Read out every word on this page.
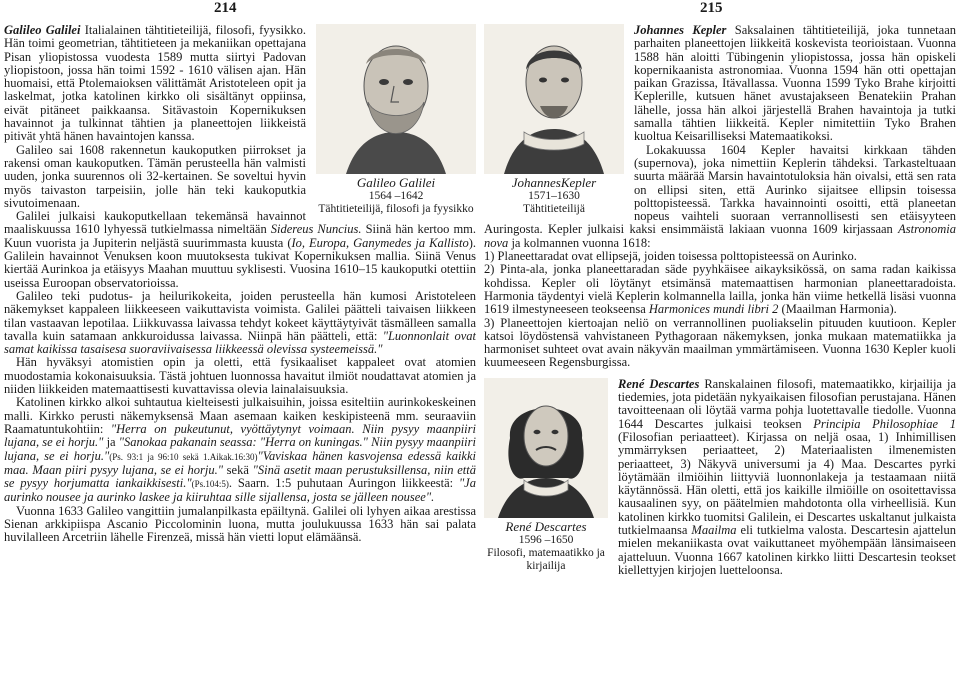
214	215
Galileo Galilei
1564 –1642
Tähtitieteilijä, filosofi ja fyysikko

Galileo Galilei Italialainen tähtitieteilijä, filosofi, fyysikko. Hän toimi geometrian, tähtitieteen ja mekaniikan opettajana Pisan yliopistossa vuodesta 1589 mutta siirtyi Padovan yliopistoon, jossa hän toimi 1592 - 1610 välisen ajan. Hän huomaisi, että Ptolemaioksen välittämät Aristoteleen opit ja laskelmat, jotka katolinen kirkko oli sisältänyt oppiinsa, eivät pitäneet paikkaansa. Sitävastoin Kopernikuksen havainnot ja tulkinnat tähtien ja planeettojen liikkeistä pitivät yhtä hänen havaintojen kanssa.

Galileo sai 1608 rakennetun kaukoputken piirrokset ja rakensi oman kaukoputken. Tämän perusteella hän valmisti uuden, jonka suurennos oli 32-kertainen. Se soveltui hyvin myös taivaston tarpeisiin, jolle hän teki kaukoputkia sivutoimenaan.

Galilei julkaisi kaukoputkellaan tekemänsä havainnot maaliskuussa 1610 lyhyessä tutkielmassa nimeltään Sidereus Nuncius. Siinä hän kertoo mm. Kuun vuorista ja Jupiterin neljästä suurimmasta kuusta (Io, Europa, Ganymedes ja Kallisto). Galilein havainnot Venuksen koon muutoksesta tukivat Kopernikuksen mallia. Siinä Venus kiertää Aurinkoa ja etäisyys Maahan muuttuu syklisesti. Vuosina 1610–15 kaukoputki otettiin useissa Euroopan observatorioissa.

Galileo teki pudotus- ja heilurikokeita, joiden perusteella hän kumosi Aristoteleen näkemykset kappaleen liikkeeseen vaikuttavista voimista. Galilei päätteli taivaisen liikkeen tilan vastaavan lepotilaa. Liikkuvassa laivassa tehdyt kokeet käyttäytyivät täsmälleen samalla tavalla kuin satamaan ankkuroidussa laivassa. Niinpä hän päätteli, että: "Luonnonlait ovat samat kaikissa tasaisesa suoraviivaisessa liikkeessä olevissa systeemeissä."

Hän hyväksyi atomistien opin ja oletti, että fysikaaliset kappaleet ovat atomien muodostamia kokonaisuuksia. Tästä johtuen luonnossa havaitut ilmiöt noudattavat atomien ja niiden liikkeiden matemaattisesti kuvattavissa olevia lainalaisuuksia.

Katolinen kirkko alkoi suhtautua kielteisesti julkaisuihin, joissa esiteltiin aurinkokeskeinen malli. Kirkko perusti näkemyksensä Maan asemaan kaiken keskipisteenä mm. seuraaviin Raamatuntukohtiin: "Herra on pukeutunut, vyöttäytynyt voimaan. Niin pysyy maanpiiri lujana, se ei horju." ja "Sanokaa pakanain seassa: "Herra on kuningas." Niin pysyy maanpiiri lujana, se ei horju."(Ps. 93:1 ja 96:10 sekä 1.Aikak.16:30)"Vaviskaa hänen kasvojensa edessä kaikki maa. Maan piiri pysyy lujana, se ei horju." sekä "Sinä asetit maan perustuksillensa, niin että se pysyy horjumatta iankaikkisesti."(Ps.104:5). Saarn. 1:5 puhutaan Auringon liikkeestä: "Ja aurinko nousee ja aurinko laskee ja kiiruhtaa sille sijallensa, josta se jälleen nousee".

Vuonna 1633 Galileo vangittiin jumalanpilkasta epäiltynä. Galilei oli lyhyen aikaa arestissa Sienan arkkipiispa Ascanio Piccolominin luona, mutta joulukuussa 1633 hän sai palata huvilalleen Arcetriin lähelle Firenzeä, missä hän vietti loput elämäänsä.

JohannesKepler
1571–1630
Tähtitieteilijä

Johannes Kepler Saksalainen tähtitieteilijä, joka tunnetaan parhaiten planeettojen liikkeitä koskevista teorioistaan. Vuonna 1588 hän aloitti Tübingenin yliopistossa, jossa hän opiskeli kopernikaanista astronomiaa. Vuonna 1594 hän otti opettajan paikan Grazissa, Itävallassa. Vuonna 1599 Tyko Brahe kirjoitti Keplerille, kutsuen hänet avustajakseen Benatekiin Prahan lähelle, jossa hän alkoi järjestellä Brahen havaintoja ja tutki samalla tähtien liikkeitä. Kepler nimitettiin Tyko Brahen kuoltua Keisarilliseksi Matemaatikoksi.

Lokakuussa 1604 Kepler havaitsi kirkkaan tähden (supernova), joka nimettiin Keplerin tähdeksi. Tarkasteltuaan suurta määrää Marsin havaintotuloksia hän oivalsi, että sen rata on ellipsi siten, että Aurinko sijaitsee ellipsin toisessa polttopisteessä. Tarkka havainnointi osoitti, että planeetan nopeus vaihteli suoraan verrannollisesti sen etäisyyteen Auringosta. Kepler julkaisi kaksi ensimmäistä lakiaan vuonna 1609 kirjassaan Astronomia nova ja kolmannen vuonna 1618:

1) Planeettaradat ovat ellipsejä, joiden toisessa polttopisteessä on Aurinko.

2) Pinta-ala, jonka planeettaradan säde pyyhkäisee aikayksikössä, on sama radan kaikissa kohdissa. Kepler oli löytänyt etsimänsä matemaattisen harmonian planeettaradoista. Harmonia täydentyi vielä Keplerin kolmannella lailla, jonka hän viime hetkellä lisäsi vuonna 1619 ilmestyneeseen teokseensa Harmonices mundi libri 2 (Maailman Harmonia).

3) Planeettojen kiertoajan neliö on verrannollinen puoliakselin pituuden kuutioon. Kepler katsoi löydöstensä vahvistaneen Pythagoraan näkemyksen, jonka mukaan matematiikka ja harmoniset suhteet ovat avain näkyvän maailman ymmärtämiseen. Vuonna 1630 Kepler kuoli kuumeeseen Regensburgissa.

René Descartes
1596 –1650
Filosofi, matemaatikko ja kirjailija

René Descartes Ranskalainen filosofi, matemaatikko, kirjailija ja tiedemies, jota pidetään nykyaikaisen filosofian perustajana. Hänen tavoitteenaan oli löytää varma pohja luotettavalle tiedolle. Vuonna 1644 Descartes julkaisi teoksen Principia Philosophiae 1 (Filosofian periaatteet). Kirjassa on neljä osaa, 1) Inhimillisen ymmärryksen periaatteet, 2) Materiaalisten ilmenemisten periaatteet, 3) Näkyvä universumi ja 4) Maa. Descartes pyrki löytämään ilmiöihin liittyviä luonnonlakeja ja testaamaan niitä käytännössä. Hän oletti, että jos kaikille ilmiöille on osoitettavissa kausaalinen syy, on päätelmien mahdotonta olla virheellisiä. Kun katolinen kirkko tuomitsi Galilein, ei Descartes uskaltanut julkaista tutkielmaansa Maailma eli tutkielma valosta. Descartesin ajattelun mielen mekaniikasta ovat vaikuttaneet myöhempään länsimaiseen ajatteluun. Vuonna 1667 katolinen kirkko liitti Descartesin teokset kiellettyjen kirjojen luetteloonsa.
